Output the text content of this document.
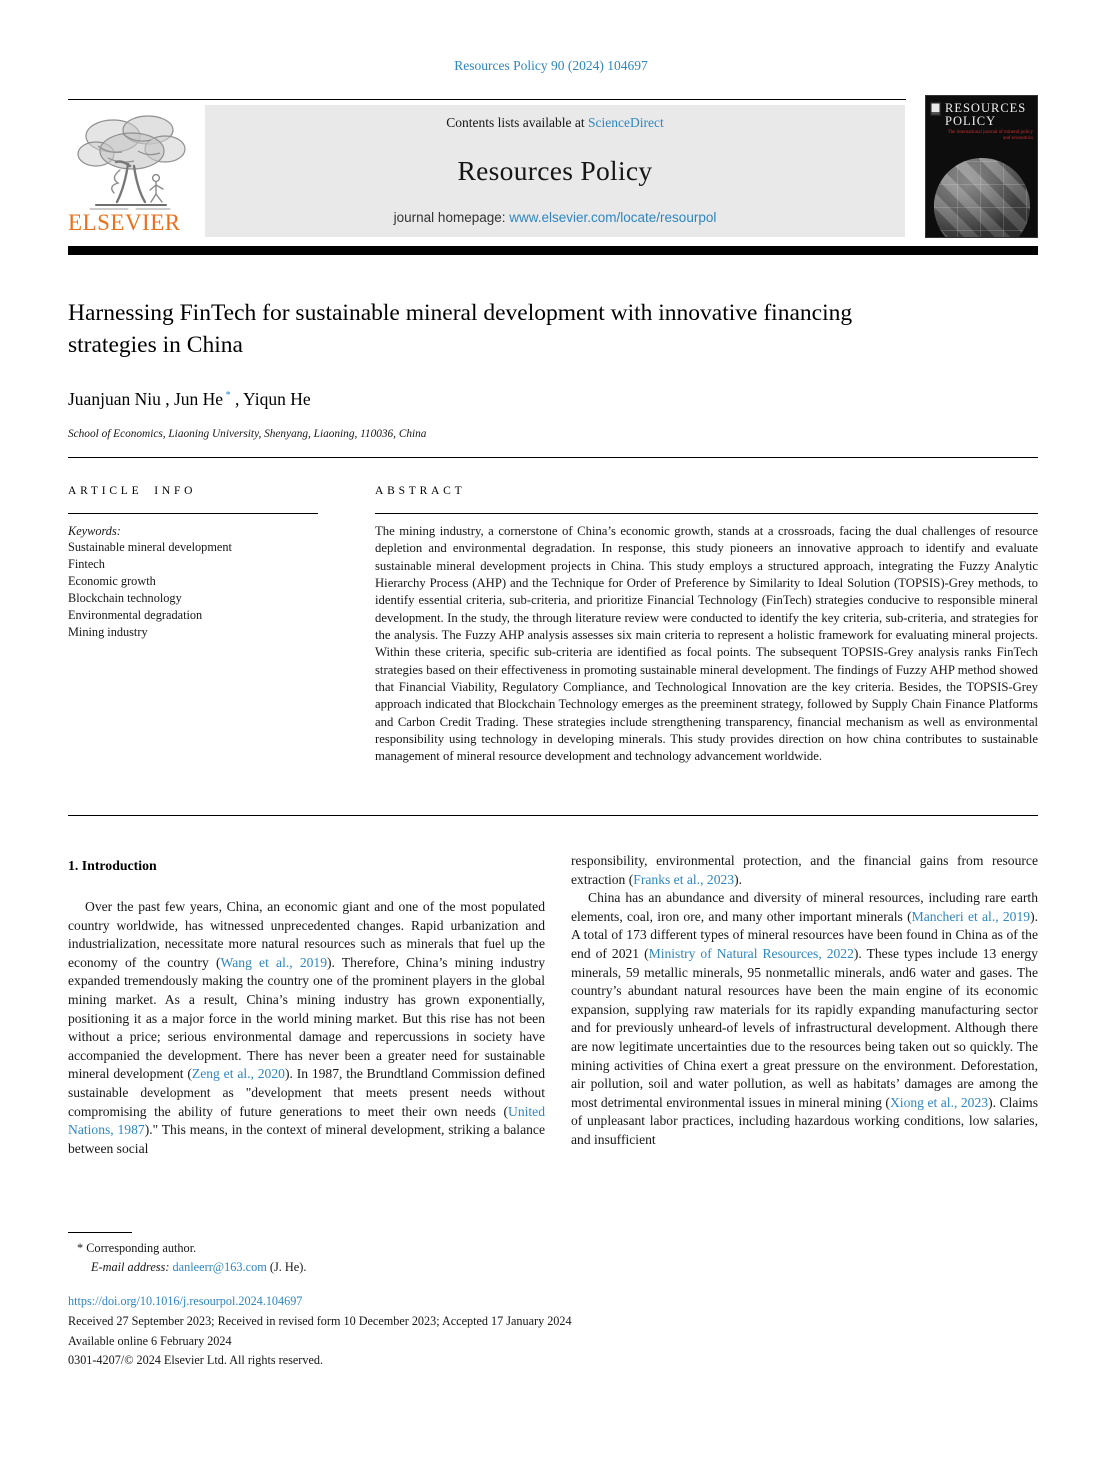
Resources Policy 90 (2024) 104697
ELSEVIER
Contents lists available at ScienceDirect
Resources Policy
journal homepage: www.elsevier.com/locate/resourpol
RESOURCES
POLICY
The international journal of mineral policy and economics
Harnessing FinTech for sustainable mineral development with innovative financing strategies in China
Juanjuan Niu , Jun He * , Yiqun He
School of Economics, Liaoning University, Shenyang, Liaoning, 110036, China
ARTICLE INFO
Keywords:
Sustainable mineral development
Fintech
Economic growth
Blockchain technology
Environmental degradation
Mining industry
ABSTRACT

The mining industry, a cornerstone of China’s economic growth, stands at a crossroads, facing the dual challenges of resource depletion and environmental degradation. In response, this study pioneers an innovative approach to identify and evaluate sustainable mineral development projects in China. This study employs a structured approach, integrating the Fuzzy Analytic Hierarchy Process (AHP) and the Technique for Order of Preference by Similarity to Ideal Solution (TOPSIS)-Grey methods, to identify essential criteria, sub-criteria, and prioritize Financial Technology (FinTech) strategies conducive to responsible mineral development. In the study, the through literature review were conducted to identify the key criteria, sub-criteria, and strategies for the analysis. The Fuzzy AHP analysis assesses six main criteria to represent a holistic framework for evaluating mineral projects. Within these criteria, specific sub-criteria are identified as focal points. The subsequent TOPSIS-Grey analysis ranks FinTech strategies based on their effectiveness in promoting sustainable mineral development. The findings of Fuzzy AHP method showed that Financial Viability, Regulatory Compliance, and Technological Innovation are the key criteria. Besides, the TOPSIS-Grey approach indicated that Blockchain Technology emerges as the preeminent strategy, followed by Supply Chain Finance Platforms and Carbon Credit Trading. These strategies include strengthening transparency, financial mechanism as well as environmental responsibility using technology in developing minerals. This study provides direction on how china contributes to sustainable management of mineral resource development and technology advancement worldwide.

1. Introduction

Over the past few years, China, an economic giant and one of the most populated country worldwide, has witnessed unprecedented changes. Rapid urbanization and industrialization, necessitate more natural resources such as minerals that fuel up the economy of the country (Wang et al., 2019). Therefore, China’s mining industry expanded tremendously making the country one of the prominent players in the global mining market. As a result, China’s mining industry has grown exponentially, positioning it as a major force in the world mining market. But this rise has not been without a price; serious environmental damage and repercussions in society have accompanied the development. There has never been a greater need for sustainable mineral development (Zeng et al., 2020). In 1987, the Brundtland Commission defined sustainable development as "development that meets present needs without compromising the ability of future generations to meet their own needs (United Nations, 1987)." This means, in the context of mineral development, striking a balance between social

responsibility, environmental protection, and the financial gains from resource extraction (Franks et al., 2023).

China has an abundance and diversity of mineral resources, including rare earth elements, coal, iron ore, and many other important minerals (Mancheri et al., 2019). A total of 173 different types of mineral resources have been found in China as of the end of 2021 (Ministry of Natural Resources, 2022). These types include 13 energy minerals, 59 metallic minerals, 95 nonmetallic minerals, and6 water and gases. The country’s abundant natural resources have been the main engine of its economic expansion, supplying raw materials for its rapidly expanding manufacturing sector and for previously unheard-of levels of infrastructural development. Although there are now legitimate uncertainties due to the resources being taken out so quickly. The mining activities of China exert a great pressure on the environment. Deforestation, air pollution, soil and water pollution, as well as habitats’ damages are among the most detrimental environmental issues in mineral mining (Xiong et al., 2023). Claims of unpleasant labor practices, including hazardous working conditions, low salaries, and insufficient

* Corresponding author.
E-mail address: danleerr@163.com (J. He).
https://doi.org/10.1016/j.resourpol.2024.104697
Received 27 September 2023; Received in revised form 10 December 2023; Accepted 17 January 2024
Available online 6 February 2024
0301-4207/© 2024 Elsevier Ltd. All rights reserved.
